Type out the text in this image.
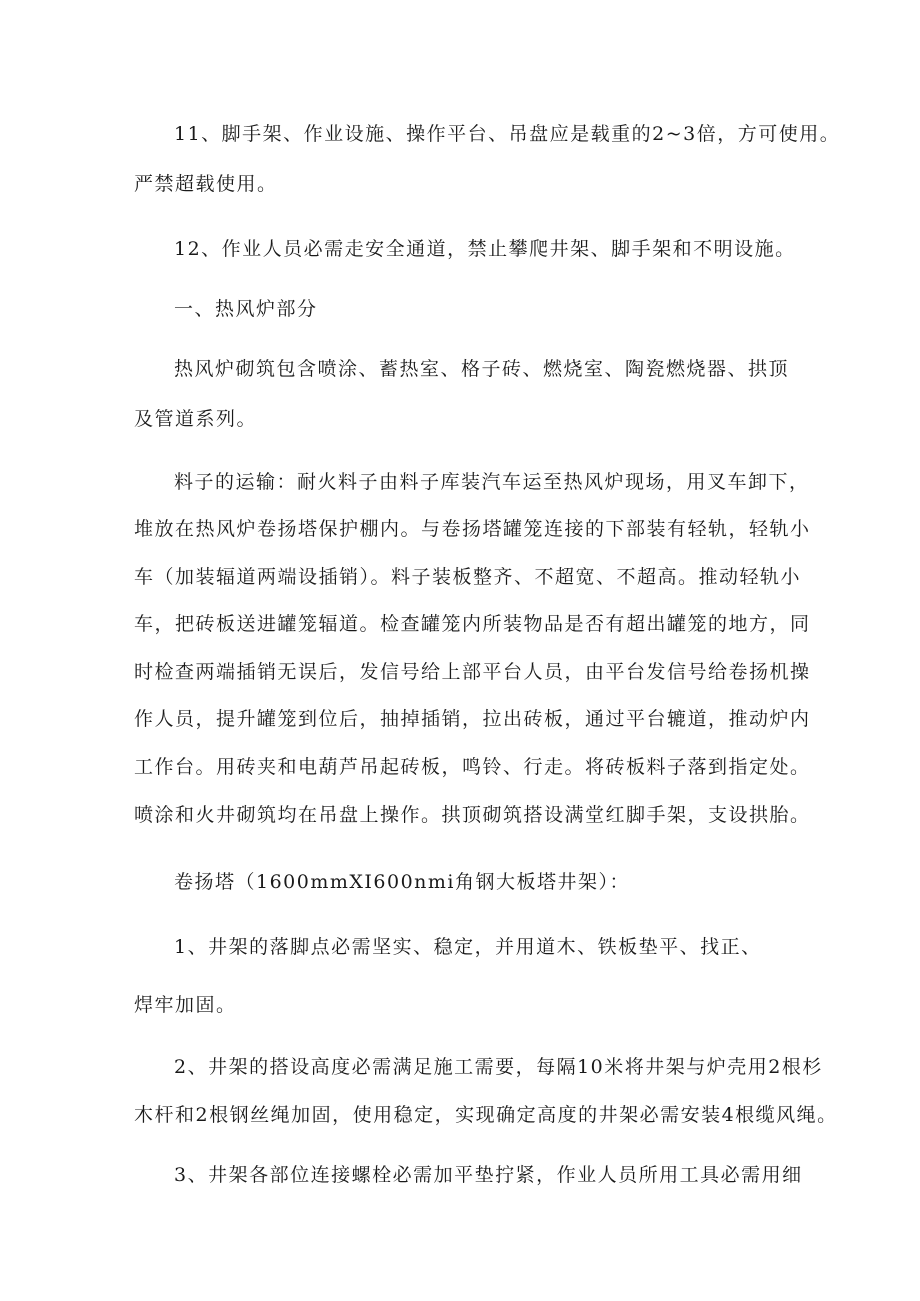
11、脚手架、作业设施、操作平台、吊盘应是载重的2~3倍，方可使用。

严禁超载使用。

12、作业人员必需走安全通道，禁止攀爬井架、脚手架和不明设施。

一、热风炉部分

热风炉砌筑包含喷涂、蓄热室、格子砖、燃烧室、陶瓷燃烧器、拱顶

及管道系列。

料子的运输：耐火料子由料子库装汽车运至热风炉现场，用叉车卸下，

堆放在热风炉卷扬塔保护棚内。与卷扬塔罐笼连接的下部装有轻轨，轻轨小

车（加装辐道两端设插销）。料子装板整齐、不超宽、不超高。推动轻轨小

车，把砖板送进罐笼辐道。检查罐笼内所装物品是否有超出罐笼的地方，同

时检查两端插销无误后，发信号给上部平台人员，由平台发信号给卷扬机操

作人员，提升罐笼到位后，抽掉插销，拉出砖板，通过平台辘道，推动炉内

工作台。用砖夹和电葫芦吊起砖板，鸣铃、行走。将砖板料子落到指定处。

喷涂和火井砌筑均在吊盘上操作。拱顶砌筑搭设满堂红脚手架，支设拱胎。

卷扬塔（1600mmXI600nmi角钢大板塔井架）：

1、井架的落脚点必需坚实、稳定，并用道木、铁板垫平、找正、

焊牢加固。

2、井架的搭设高度必需满足施工需要，每隔10米将井架与炉壳用2根杉

木杆和2根钢丝绳加固，使用稳定，实现确定高度的井架必需安装4根缆风绳。

3、井架各部位连接螺栓必需加平垫拧紧，作业人员所用工具必需用细
